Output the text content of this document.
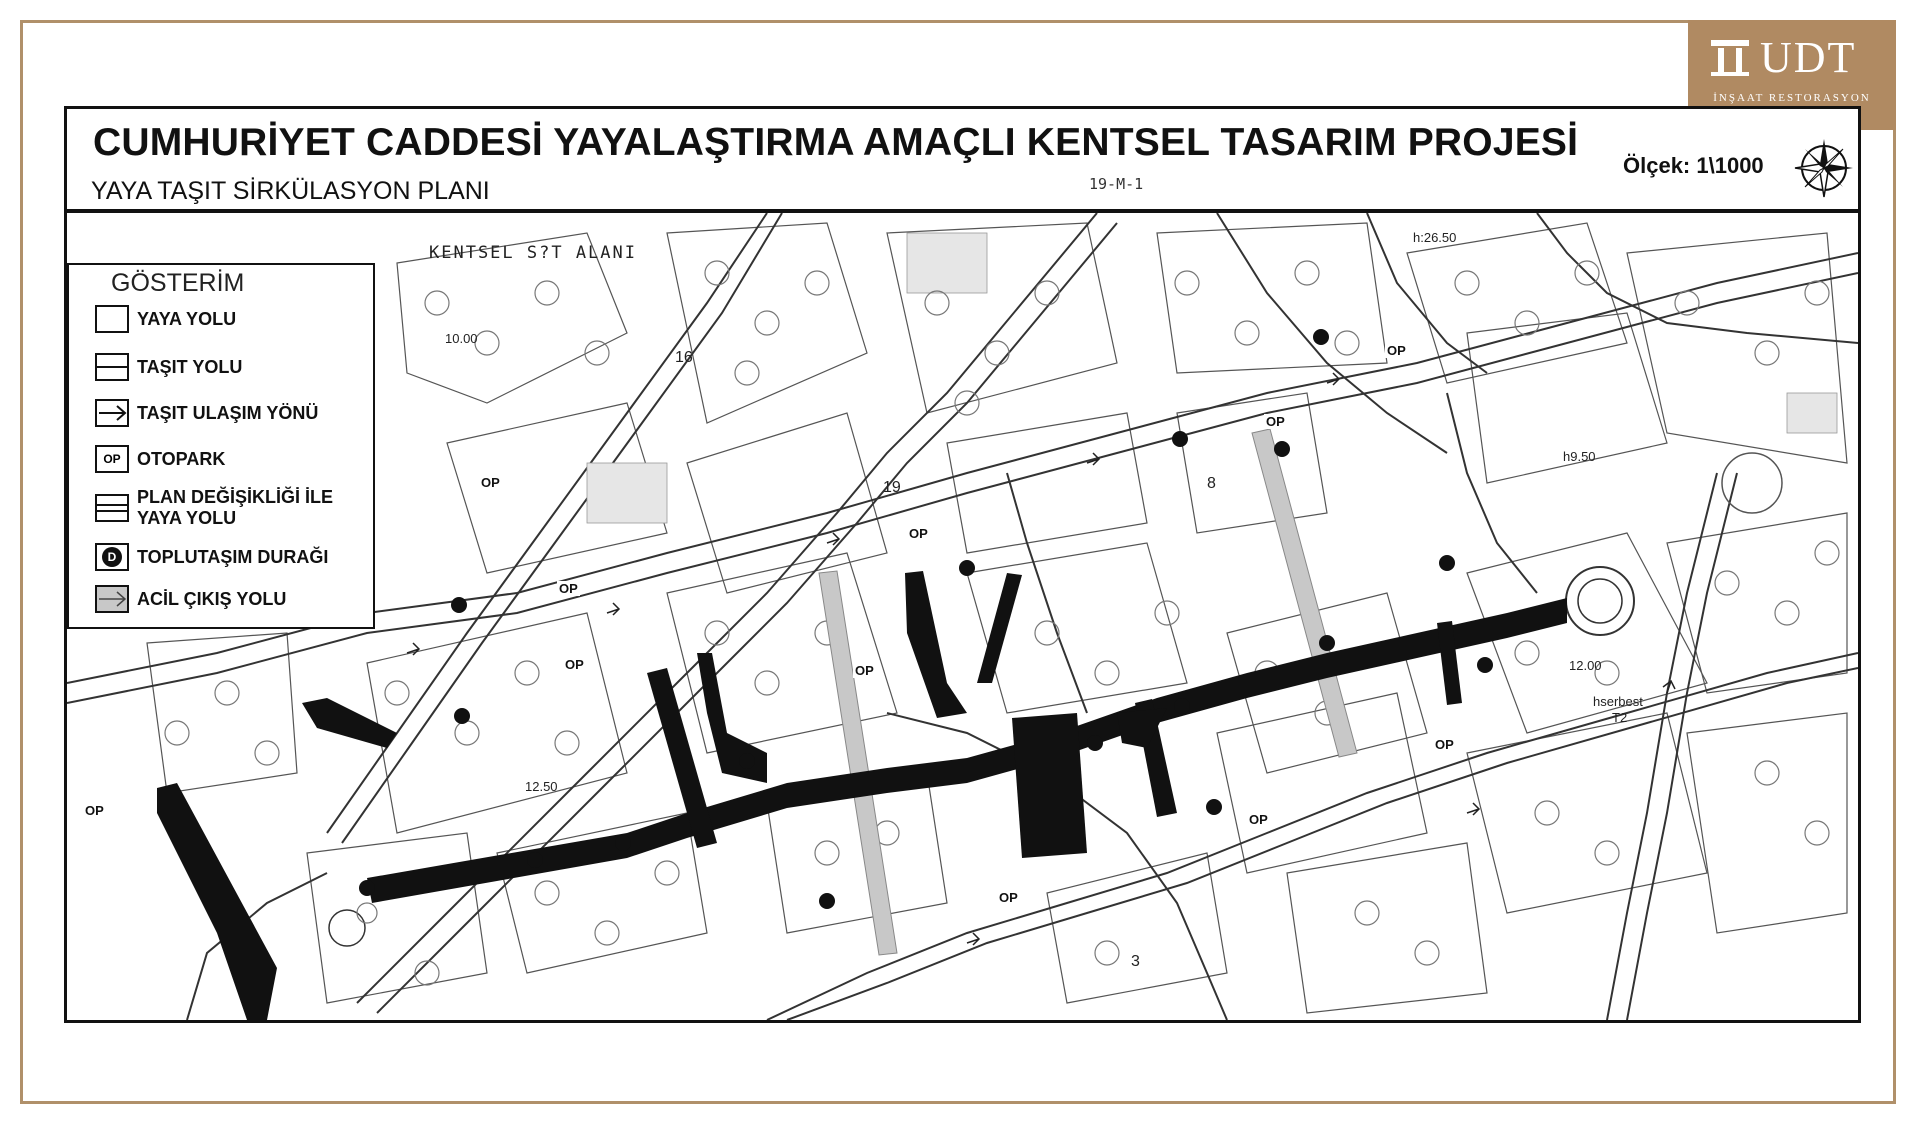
UDT
İNŞAAT RESTORASYON
CUMHURİYET CADDESİ YAYALAŞTIRMA AMAÇLI KENTSEL TASARIM PROJESİ
YAYA TAŞIT SİRKÜLASYON PLANI	19-M-1
Ölçek: 1\1000
KENTSEL S?T ALANI
OP
OP
OP
OP
OP
OP
OP
OP
OP
OP
OP
hserbest
T2
h:26.50
h9.50
12.50
10.00
12.00
19
16
8
3
GÖSTERİM
YAYA YOLU
TAŞIT YOLU
TAŞIT ULAŞIM YÖNÜ
OP OTOPARK
PLAN DEĞİŞİKLİĞİ İLE YAYA YOLU
D	TOPLUTAŞIM DURAĞI
ACİL ÇIKIŞ YOLU
